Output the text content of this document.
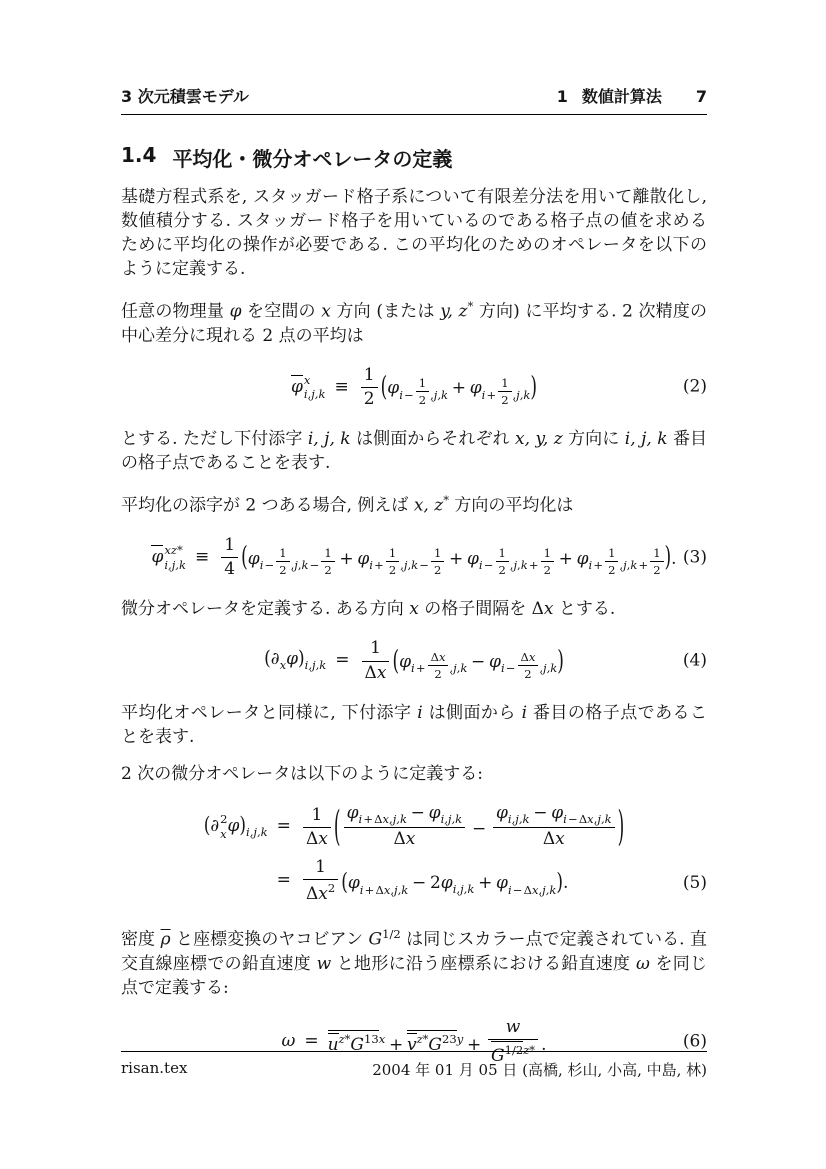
3 次元積雲モデル	1 数値計算法 7
1.4 平均化・微分オペレータの定義

基礎方程式系を, スタッガード格子系について有限差分法を用いて離散化し, 数値積分する. スタッガード格子を用いているのである格子点の値を求めるために平均化の操作が必要である. この平均化のためのオペレータを以下のように定義する.

任意の物理量 φ を空間の x 方向 (または y, z* 方向) に平均する. 2 次精度の中心差分に現れる 2 点の平均は

φ x
i,j,k	≡	$\frac{1}{2} (\varphi_{i- \frac{1}{2} ,j,k} + \varphi_{i+ \frac{1}{2} ,j,k})$	(2)

とする. ただし下付添字 i, j, k は側面からそれぞれ x, y, z 方向に i, j, k 番目の格子点であることを表す.

平均化の添字が 2 つある場合, 例えば x, z* 方向の平均化は

φ xz*
i,j,k	≡	$\frac{1}{4} (\varphi_{i- \frac{1}{2} ,j,k- \frac{1}{2}} + \varphi_{i+ \frac{1}{2} ,j,k- \frac{1}{2}} + \varphi_{i- \frac{1}{2} ,j,k+ \frac{1}{2}} + \varphi_{i+ \frac{1}{2} ,j,k+ \frac{1}{2}}$ ). (3)

微分オペレータを定義する. ある方向 x の格子間隔を Δx とする.

$(\partial_x\varphi)_{i,j,k}$	=	$\frac{1}{\Delta x} (\varphi_{i+ \frac{\Delta x}{2} ,j,k} - \varphi_{i- \frac{\Delta x}{2} ,j,k})$	(4)

平均化オペレータと同様に, 下付添字 i は側面から i 番目の格子点であることを表す.

2 次の微分オペレータは以下のように定義する:

(∂ 2
x $\varphi)_{i,j,k}$	=	$\frac{1}{\Delta x}$ ( $\frac{\varphi_{i+\Delta x,j,k} - \varphi_{i,j,k}}{\Delta x} - \frac{\varphi_{i,j,k} - \varphi_{i-\Delta x,j,k}}{\Delta x}$ )
	=	$\frac{1}{\Delta x^2} (\varphi_{i+\Delta x,j,k} - 2\varphi_{i,j,k} + \varphi_{i-\Delta x,j,k})$.	(5)

密度 $\overline{\rho}$ と座標変換のヤコビアン $G^{1/2}$ は同じスカラー点で定義されている. 直交直線座標での鉛直速度 w と地形に沿う座標系における鉛直速度 ω を同じ点で定義する:

ω	=	$u^{z*}G^{13x} + v^{z*}G^{23y} + \frac{w}{G^{1/2z*}}$ .	(6)
risan.tex	2004 年 01 月 05 日 (高橋, 杉山, 小高, 中島, 林)
